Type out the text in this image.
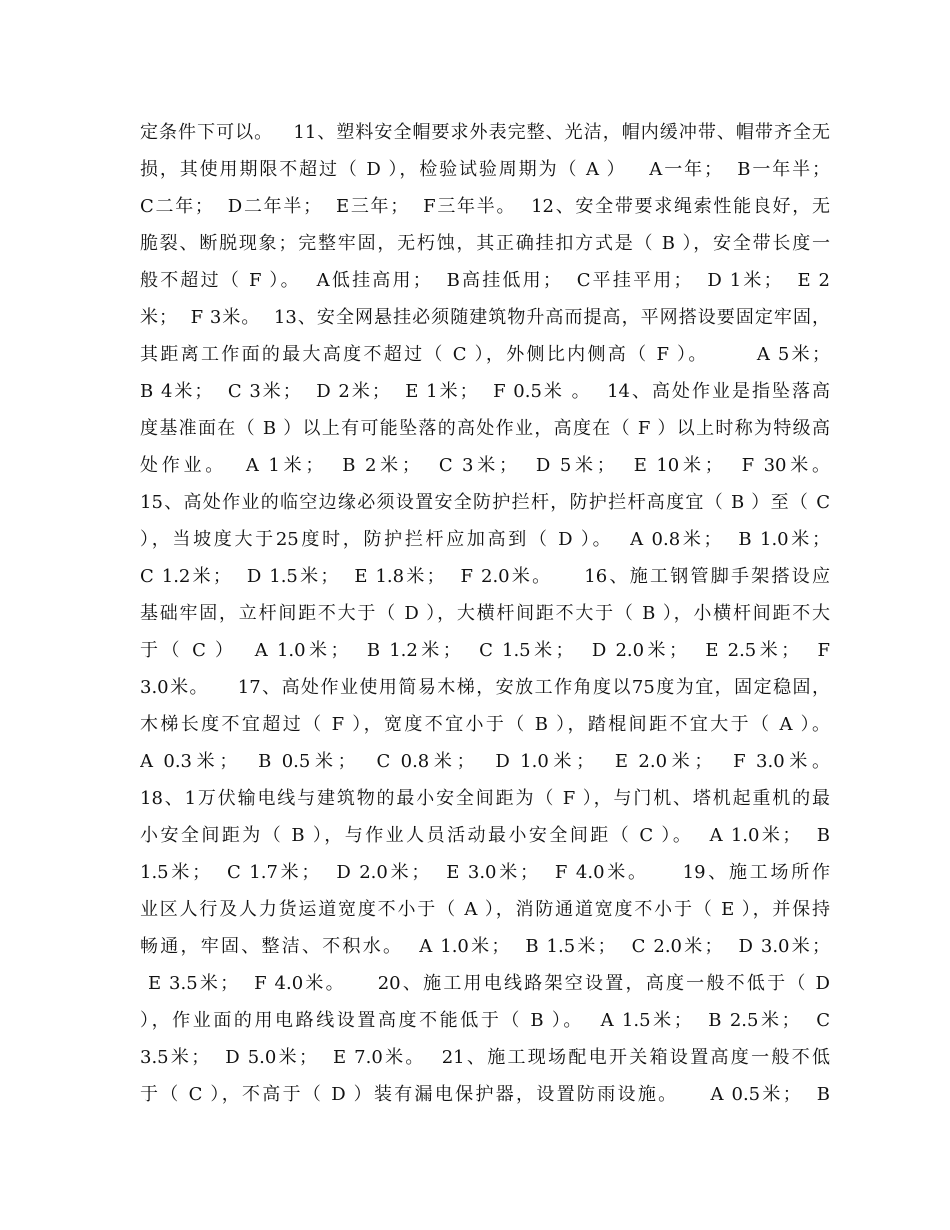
定条件下可以。   11、塑料安全帽要求外表完整、光洁，帽内缓冲带、帽带齐全无
损，其使用期限不超过（ D ），检验试验周期为（ A ）   A一年；  B一年半；
C二年；  D二年半；  E三年；  F三年半。  12、安全带要求绳索性能良好，无
脆裂、断脱现象；完整牢固，无朽蚀，其正确挂扣方式是（ B ），安全带长度一
般不超过（ F ）。  A低挂高用；  B高挂低用；  C平挂平用；  D 1米；  E 2
米；  F 3米。  13、安全网悬挂必须随建筑物升高而提高，平网搭设要固定牢固，
其距离工作面的最大高度不超过（ C ），外侧比内侧高（ F ）。      A 5米；
B 4米；  C 3米；  D 2米；  E 1米；  F 0.5米 。  14、高处作业是指坠落高
度基准面在（ B ）以上有可能坠落的高处作业，高度在（ F ）以上时称为特级高
处作业。  A 1米；  B 2米；  C 3米；  D 5米；  E 10米；  F 30米。
15、高处作业的临空边缘必须设置安全防护拦杆，防护拦杆高度宜（ B ）至（ C
），当坡度大于25度时，防护拦杆应加高到（ D ）。  A 0.8米；  B 1.0米；
C 1.2米；  D 1.5米；  E 1.8米；  F 2.0米。    16、施工钢管脚手架搭设应
基础牢固，立杆间距不大于（ D ），大横杆间距不大于（ B ），小横杆间距不大
于（ C ）  A 1.0米；  B 1.2米；  C 1.5米；  D 2.0米；  E 2.5米；  F
3.0米。    17、高处作业使用简易木梯，安放工作角度以75度为宜，固定稳固，
木梯长度不宜超过（ F ），宽度不宜小于（ B ），踏棍间距不宜大于（ A ）。
A 0.3米；  B 0.5米；  C 0.8米；  D 1.0米；  E 2.0米；  F 3.0米。
18、1万伏输电线与建筑物的最小安全间距为（ F ），与门机、塔机起重机的最
小安全间距为（ B ），与作业人员活动最小安全间距（ C ）。  A 1.0米；  B
1.5米；  C 1.7米；  D 2.0米；  E 3.0米；  F 4.0米。    19、施工场所作
业区人行及人力货运道宽度不小于（ A ），消防通道宽度不小于（ E ），并保持
畅通，牢固、整洁、不积水。  A 1.0米；  B 1.5米；  C 2.0米；  D 3.0米；
E 3.5米；  F 4.0米。    20、施工用电线路架空设置，高度一般不低于（ D
），作业面的用电路线设置高度不能低于（ B ）。  A 1.5米；  B 2.5米；  C
3.5米；  D 5.0米；  E 7.0米。  21、施工现场配电开关箱设置高度一般不低
于（ C ），不高于（ D ）装有漏电保护器，设置防雨设施。    A 0.5米；  B
